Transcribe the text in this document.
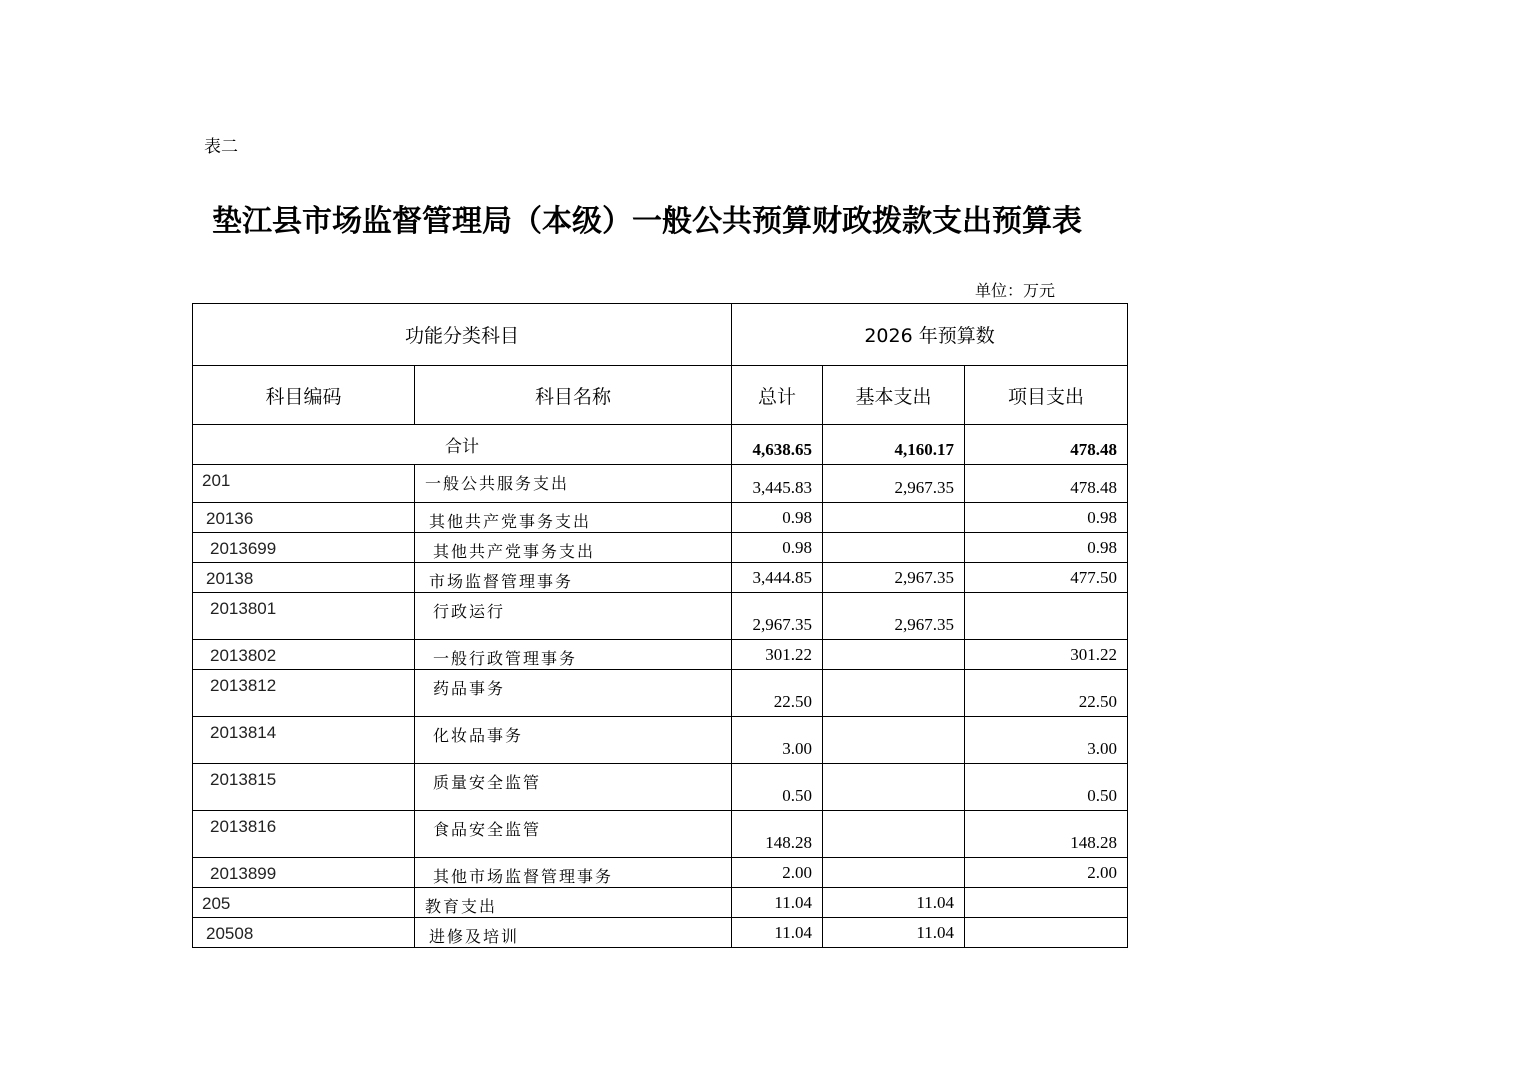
表二
垫江县市场监督管理局（本级）一般公共预算财政拨款支出预算表
单位：万元
功能分类科目		2026 年预算数		
科目编码	科目名称	总计	基本支出	项目支出
合计		4,638.65	4,160.17	478.48
201	一般公共服务支出	3,445.83	2,967.35	478.48
20136	其他共产党事务支出	0.98		0.98
2013699	其他共产党事务支出	0.98		0.98
20138	市场监督管理事务	3,444.85	2,967.35	477.50
2013801	行政运行	2,967.35	2,967.35	
2013802	一般行政管理事务	301.22		301.22
2013812	药品事务	22.50		22.50
2013814	化妆品事务	3.00		3.00
2013815	质量安全监管	0.50		0.50
2013816	食品安全监管	148.28		148.28
2013899	其他市场监督管理事务	2.00		2.00
205	教育支出	11.04	11.04	
20508	进修及培训	11.04	11.04	
